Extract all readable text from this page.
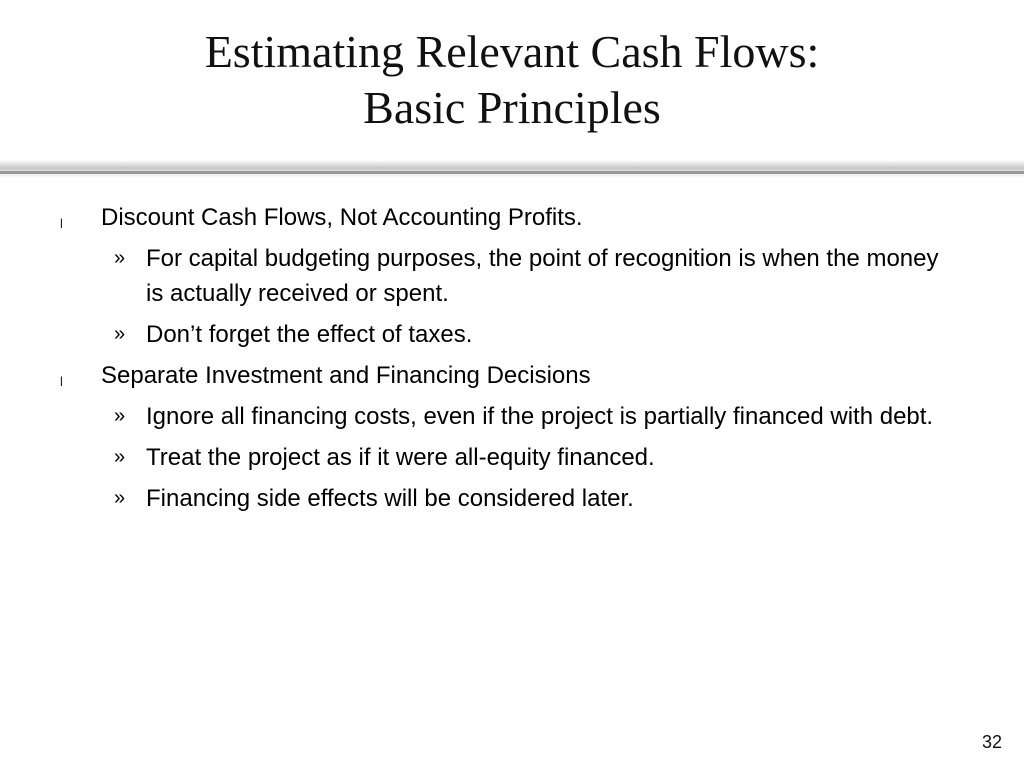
Estimating Relevant Cash Flows:
Basic Principles
l Discount Cash Flows, Not Accounting Profits.
» For capital budgeting purposes, the point of recognition is when the money is actually received or spent.
» Don’t forget the effect of taxes.
l Separate Investment and Financing Decisions
» Ignore all financing costs, even if the project is partially financed with debt.
» Treat the project as if it were all-equity financed.
» Financing side effects will be considered later.
32
